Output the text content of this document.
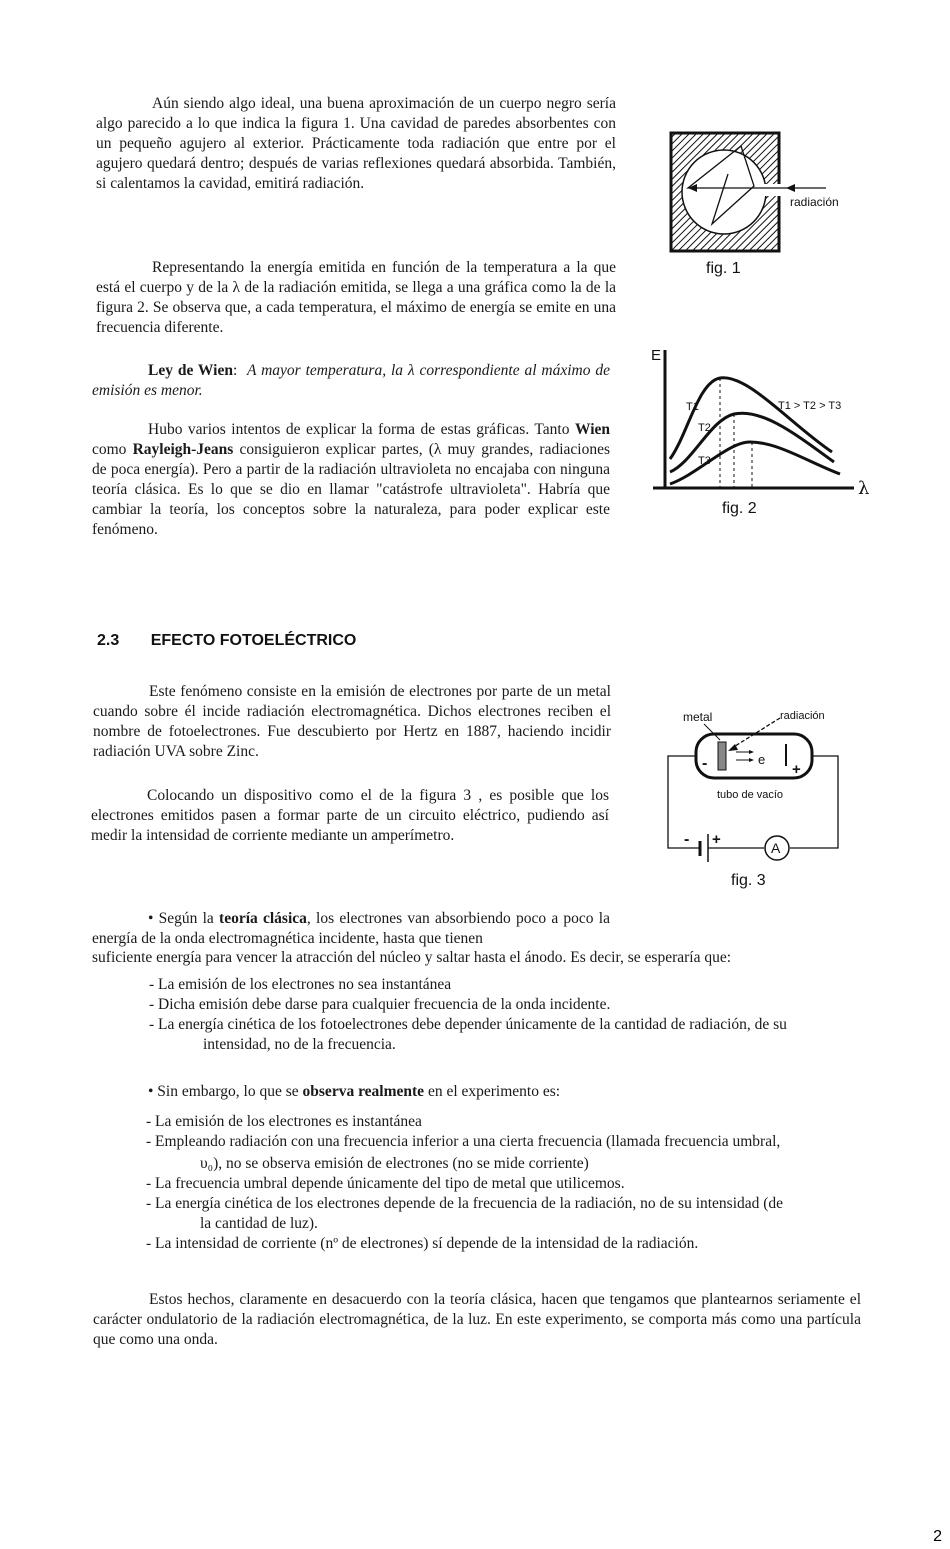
Aún siendo algo ideal, una buena aproximación de un cuerpo negro sería algo parecido a lo que indica la figura 1. Una cavidad de paredes absorbentes con un pequeño agujero al exterior. Prácticamente toda radiación que entre por el agujero quedará dentro; después de varias reflexiones quedará absorbida. También, si calentamos la cavidad, emitirá radiación.

Representando la energía emitida en función de la temperatura a la que está el cuerpo y de la λ de la radiación emitida, se llega a una gráfica como la de la figura 2. Se observa que, a cada temperatura, el máximo de energía se emite en una frecuencia diferente.

Ley de Wien:  A mayor temperatura, la λ correspondiente al máximo de emisión es menor.

Hubo varios intentos de explicar la forma de estas gráficas. Tanto Wien como Rayleigh-Jeans consiguieron explicar partes, (λ muy grandes, radiaciones de poca energía). Pero a partir de la radiación ultravioleta no encajaba con ninguna teoría clásica. Es lo que se dio en llamar "catástrofe ultravioleta". Habría que cambiar la teoría, los conceptos sobre la naturaleza, para poder explicar este fenómeno.

2.3 EFECTO FOTOELÉCTRICO

Este fenómeno consiste en la emisión de electrones por parte de un metal cuando sobre él incide radiación electromagnética. Dichos electrones reciben el nombre de fotoelectrones. Fue descubierto por Hertz en 1887, haciendo incidir radiación UVA sobre Zinc.

Colocando un dispositivo como el de la figura 3 , es posible que los electrones emitidos pasen a formar parte de un circuito eléctrico, pudiendo así medir la intensidad de corriente mediante un amperímetro.

• Según la teoría clásica, los electrones van absorbiendo poco a poco la energía de la onda electromagnética incidente, hasta que tienen

suficiente energía para vencer la atracción del núcleo y saltar hasta el ánodo. Es decir, se esperaría que:

- La emisión de los electrones no sea instantánea
- Dicha emisión debe darse para cualquier frecuencia de la onda incidente.
- La energía cinética de los fotoelectrones debe depender únicamente de la cantidad de radiación, de su
intensidad, no de la frecuencia.

• Sin embargo, lo que se observa realmente en el experimento es:

- La emisión de los electrones es instantánea
- Empleando radiación con una frecuencia inferior a una cierta frecuencia (llamada frecuencia umbral,
υ₀), no se observa emisión de electrones (no se mide corriente)
- La frecuencia umbral depende únicamente del tipo de metal que utilicemos.
- La energía cinética de los electrones depende de la frecuencia de la radiación, no de su intensidad (de
la cantidad de luz).
- La intensidad de corriente (nº de electrones) sí depende de la intensidad de la radiación.

Estos hechos, claramente en desacuerdo con la teoría clásica, hacen que tengamos que plantearnos seriamente el carácter ondulatorio de la radiación electromagnética, de la luz. En este experimento, se comporta más como una partícula que como una onda.

radiación
fig. 1
E
λ
T1
T2
T3
T1 > T2 > T3
fig. 2
metal	radiación
-	e
+
tubo de vacío
- +	A
fig. 3
2
